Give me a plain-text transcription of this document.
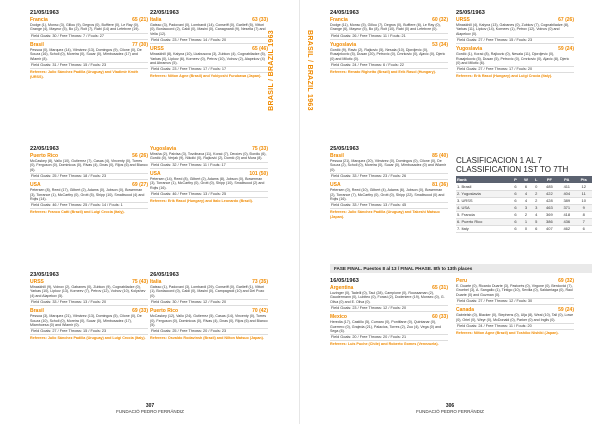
BRASIL / BRAZIL 1963
21/05/1963
Francia	65 (21)
Dodge (1), Monsc (3), Gillou (9), Degros (0), Buffiere (0), Le Ray (0), Grange (4), Mayeur (5), Bo (2), Roit (7), Rabi (14) and Lefebvre (19).
Field Goals: 30 / Free Throws: 7 / Fouls: 27
Brasil	77 (30)
Pessoa (0), Marquez (14), Vilmárez (13), Domingos (9), Cilone (0), De Souza (16), Scholl (0), Moreira (0), Sucar (0), Mimbusadez (17) and Wlamir (8).
Field Goals: 31 / Free Throws: 15 / Fouls: 23
Referees: Julio Sánchez Padilla (Uruguay) and Vladimir Kmčh (URSS).
22/05/1963
Italia	63 (33)
Gatsso (3), Padovani (0), Lombardi (14), Conseiff (0), Garlieff (5), Vittori (0), Bonlaccord (2), Caldi (0), Masini (0), Canagnardi (9), Nesella (7) and Vella (12).
Field Goals: 23 / Free Throws: 14 / Fouls: 20
URSS	65 (46)
Minaskhill (8), Kalyna (10), Lkabusova (3), Zubkov (4), Cognabiladze (5), Yarkas (0), Lipkov (6), Korneev (0), Petrov (10), Volnov (2), Alapekov (4) and Abramov (5).
Field Goals: 23 / Free Throws: 17 / Fouls: 17
Referees: Nilton Agne (Brasil) and Yokiyoshi Furubawa (Japan).
22/05/1963
Puerto Rico	56 (26)
McCaskey (8), Vallo (10), Gutierrez (7), Casas (4), Vincenty (0), Torres (0), Ferguson (0), Dominicus (0), Rivas (4), Dnas (0), Rijos (6) and Bianco (6).
Field Goals: 25 / Free Throws: 18 / Fouls: 23
USA	69 (27)
Petersen (8), Reed (17), Gilbert (2), Adams (0), Jobson (0), Bowerman (3), Torrance (1), McCarthy (0), Grott (5), Shipp (10), Smallwood (4) and Rojts (14).
Field Goals: 46 / Free Throws: 25 / Fouls: 14 / Fouls: 1
Referees: Franco Catti (Brazil) and Luigi Crocia (Italy).
Yugoslavia	75 (33)
Minsha (2), Palvisa (3), Tovdinava (11), Korać (7), Deoćev (0), Đordiu (6), Gordić (0), Verjak (9), Nikolić (0), Rajković (2), Domić (0) and Mura (8).
Field Goals: 32 / Free Throws: 11 / Fouls: 17
USA	101 (50)
Petersen (14), Reed (8), Gilbert (2), Adams (8), Jobson (0), Bowerman (3), Torrance (1), McCarthy (0), Grott (0), Shipp (10), Smallwood (2) and Rojts (16).
Field Goals: 46 / Free Throws: 13 / Fouls: 25
Referees: Erik Rasol (Hungary) and Italo Leonardo (Brazil).
23/05/1963
URSS	75 (43)
Minaskhill (9), Volnov (2), Gabanes (0), Zubkov (9), Cognabiladze (0), Yarkas (10), Lipkov (13), Korneev (7), Petrov (12), Volnov (10), Kolyshev (4) and Alapekov (5).
Field Goals: 33 / Free Throws: 13 / Fouls: 20
Brasil	69 (33)
Pessoa (3), Marquez (21), Vilmárez (13), Domingos (5), Cilone (0), De Souza (10), Scholl (0), Moreira (0), Sucar (0), Mimbusadez (17), Mlamhoesa (0) and Wlamir (0).
Field Goals: 27 / Free Throws: 15 / Fouls: 23
Referees: Julio Sánchez Padilla (Uruguay) and Luigi Crocia (Italy).
26/05/1963
Italia	73 (35)
Gatsso (1), Padovani (3), Lombardi (29), Conseiff (0), Garlieff (1), Vittori (1), Bonlaccord (0), Caldi (0), Masini (0), Campagnoli (10) and Del Pozo (0).
Field Goals: 30 / Free Throws: 12 / Fouls: 20
Puerto Rico	70 (42)
McCaskey (12), Vallo (24), Gutierrez (5), Casas (14), Vincenty (0), Torres (0), Ferguson (0), Dominicus (0), Rivas (4), Dnas (0), Rijos (6) and Bianco (5).
Field Goals: 25 / Free Throws: 20 / Fouls: 23
Referees: Osvaldo Rodavinsh (Brazil) and Nilton Matsuo (Japan).
307
FUNDACIÓ PEDRO FERRÁNDIZ
BRASIL / BRAZIL 1963
24/05/1963
Francia	60 (32)
Dodge (11), Monsc (5), Gillou (7), Degros (0), Buffiere (8), Le Ray (0), Grange (6), Mayeur (5), Bo (8), Roit (10), Rabi (0) and Lefebvre (0).
Field Goals: 26 / Free Throws: 11 / Fouls: 21
Yugoslavia	53 (34)
Gordić (9), Ravic (2), Rajkovic (5), Nesala (10), Djordjevic (0), Rusajnkovic (5), Dusan (20), Petrovic (0), Cmrkovic (0), Ajavic (0), Djeric (0) and Milotic (0).
Field Goals: 24 / Free Throws: 6 / Fouls: 22
Referees: Renato Righetto (Brazil) and Erik Rasol (Hungary).
25/05/1963
URSS	67 (26)
Minaskhill (4), Kalyna (13), Gabanes (0), Zubkov (7), Cognabiladze (8), Yarkas (11), Lipkov (14), Korneev (1), Petrov (12), Volnov (0) and Alapekov (0).
Field Goals: 27 / Free Throws: 15 / Fouls: 23
Yugoslavia	59 (24)
Gordić (1), Korać (8), Rajkovic (0), Nesala (11), Djordjevic (0), Rusajnkovic (5), Dusan (5), Petrovic (0), Cmrkovic (0), Ajavic (8), Djeric (0) and Milotic (6).
Field Goals: 27 / Free Throws: 17 / Fouls: 20
Referees: Erik Rasol (Hungary) and Luigi Crocia (Italy).
25/05/1963
Brasil	85 (40)
Pessoa (21), Marquez (20), Vilmárez (0), Domingos (0), Cilone (0), De Souza (2), Scholl (0), Moreira (0), Sucar (0), Mimbusadez (0) and Wlamir (0).
Field Goals: 33 / Free Throws: 23 / Fouls: 26
USA	81 (36)
Petersen (0), Reed (10), Gilbert (4), Adams (6), Jobson (0), Bowerman (2), Torrance (7), McCarthy (0), Grott (0), Shipp (22), Smallwood (0) and Rojts (16).
Field Goals: 33 / Free Throws: 13 / Fouls: 45
Referees: Julio Sánchez Padilla (Uruguay) and Takeshi Matsuo (Japan).
CLASIFICACION 1 AL 7
CLASSIFICATION 1ST TO 7TH
Rank	P	W	L	PF	PA	Pts
1. Brasil	6	6	0	485	411	12
2. Yugoslavia	6	4	2	422	404	11
3. URSS	6	4	2	428	389	10
4. USA	6	3	3	463	371	9
5. Francia	6	2	4	369	418	8
6. Puerto Rico	6	1	5	386	436	7
7. Italy	6	0	6	407	462	6
FASE FINAL. Puestos 8 al 13 / FINAL PHASE. 8th to 13th places
16/05/1963
Argentina	65 (31)
Luzinger (0), Tadelli (0), Taul (28), Campione (0), Roussaman (2), Gaudermann (0), Lubiteo (0), Forasi (2), Dodeniere (19), Monsec (0), G. Oliva (0) and E. Oliva (0).
Field Goals: 23 / Free Throws: 12 / Fouls: 20
Mexico	60 (33)
Heredia (17), Castillo (5), Cumaro (0), Pontifane (0), Quintanar (0), Guerrero (0), Grajeda (21), Palacios, Torres (2), Zuo (4), Vega (0) and Sega (6).
Field Goals: 20 / Free Throws: 20 / Fouls: 21
Referees: Luis Puche (Chile) and Roberto Gomes (Venezuela).
Peru	69 (32)
E. Duarte (0), Ricardo Duarte (3), Pastorés (0), Virgone (0), Berdovici (7), Gruebel (3), A. Sangallo (1), Tintigo (10), Sevilla (0), Saldarriaga (0), Raul Duarte (0) and Guzman (0).
Field Goals: 27 / Free Throws: 12 / Fouls: 30
Canada	59 (24)
Gabrielsh (0), Blacker (0), Stephens (0), Ulja (8), Weal (10), Tall (0), Lowe (0), Oriel (0), Weyr (0), McDonald (0), Parker (0) and Inglis (0).
Field Goals: 24 / Free Throws: 11 / Fouls: 20
Referees: Nilton Agne (Brazil) and Toshiko Nishiki (Japan).
306
FUNDACIÓ PEDRO FERRÁNDIZ
